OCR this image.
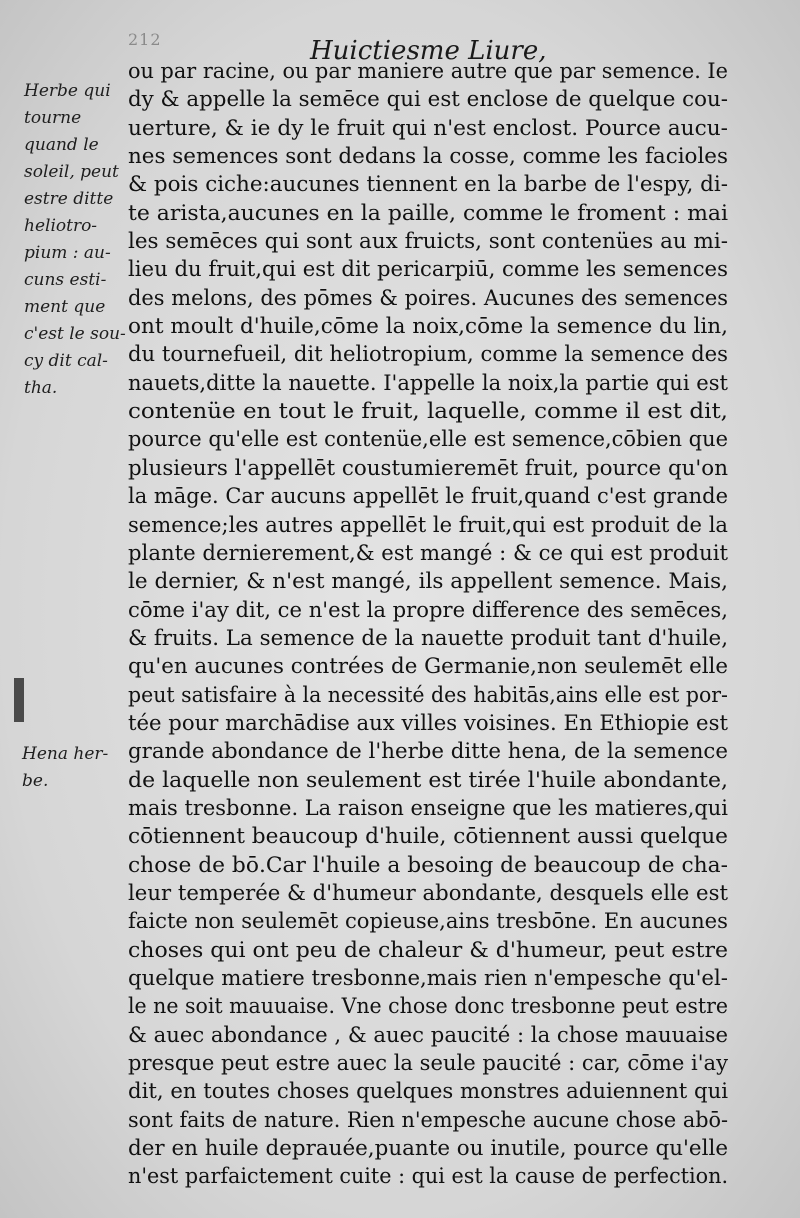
212	Huictiesme Liure,
Herbe qui
tourne
quand le
soleil, peut
estre ditte
heliotro-
pium : au-
cuns esti-
ment que
c'est le sou-
cy dit cal-
tha.
Hena her-
be.
ou par racine, ou par maniere autre que par semence. Ie
dy & appelle la semēce qui est enclose de quelque cou-
uerture, & ie dy le fruit qui n'est enclost. Pource aucu-
nes semences sont dedans la cosse, comme les facioles
& pois ciche:aucunes tiennent en la barbe de l'espy, di-
te arista,aucunes en la paille, comme le froment : mai
les semēces qui sont aux fruicts, sont contenües au mi-
lieu du fruit,qui est dit pericarpiū, comme les semences
des melons, des pōmes & poires. Aucunes des semences
ont moult d'huile,cōme la noix,cōme la semence du lin,
du tournefueil, dit heliotropium, comme la semence des
nauets,ditte la nauette. I'appelle la noix,la partie qui est
contenüe en tout le fruit, laquelle, comme il est dit,
pource qu'elle est contenüe,elle est semence,cōbien que
plusieurs l'appellēt coustumieremēt fruit, pource qu'on
la māge. Car aucuns appellēt le fruit,quand c'est grande
semence;les autres appellēt le fruit,qui est produit de la
plante dernierement,& est mangé : & ce qui est produit
le dernier, & n'est mangé, ils appellent semence. Mais,
cōme i'ay dit, ce n'est la propre difference des semēces,
& fruits. La semence de la nauette produit tant d'huile,
qu'en aucunes contrées de Germanie,non seulemēt elle
peut satisfaire à la necessité des habitās,ains elle est por-
tée pour marchādise aux villes voisines. En Ethiopie est
grande abondance de l'herbe ditte hena, de la semence
de laquelle non seulement est tirée l'huile abondante,
mais tresbonne. La raison enseigne que les matieres,qui
cōtiennent beaucoup d'huile, cōtiennent aussi quelque
chose de bō.Car l'huile a besoing de beaucoup de cha-
leur temperée & d'humeur abondante, desquels elle est
faicte non seulemēt copieuse,ains tresbōne. En aucunes
choses qui ont peu de chaleur & d'humeur, peut estre
quelque matiere tresbonne,mais rien n'empesche qu'el-
le ne soit mauuaise. Vne chose donc tresbonne peut estre
& auec abondance , & auec paucité : la chose mauuaise
presque peut estre auec la seule paucité : car, cōme i'ay
dit, en toutes choses quelques monstres aduiennent qui
sont faits de nature. Rien n'empesche aucune chose abō-
der en huile deprauée,puante ou inutile, pource qu'elle
n'est parfaictement cuite : qui est la cause de perfection.
